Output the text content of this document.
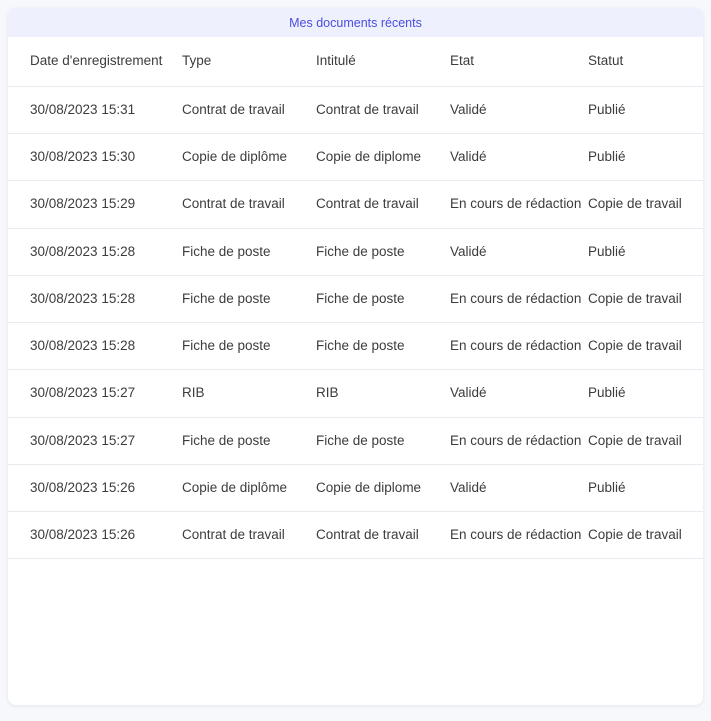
Mes documents récents
Date d'enregistrement	Type	Intitulé	Etat	Statut
30/08/2023 15:31	Contrat de travail	Contrat de travail	Validé	Publié
30/08/2023 15:30	Copie de diplôme	Copie de diplome	Validé	Publié
30/08/2023 15:29	Contrat de travail	Contrat de travail	En cours de rédaction	Copie de travail
30/08/2023 15:28	Fiche de poste	Fiche de poste	Validé	Publié
30/08/2023 15:28	Fiche de poste	Fiche de poste	En cours de rédaction	Copie de travail
30/08/2023 15:28	Fiche de poste	Fiche de poste	En cours de rédaction	Copie de travail
30/08/2023 15:27	RIB	RIB	Validé	Publié
30/08/2023 15:27	Fiche de poste	Fiche de poste	En cours de rédaction	Copie de travail
30/08/2023 15:26	Copie de diplôme	Copie de diplome	Validé	Publié
30/08/2023 15:26	Contrat de travail	Contrat de travail	En cours de rédaction	Copie de travail
